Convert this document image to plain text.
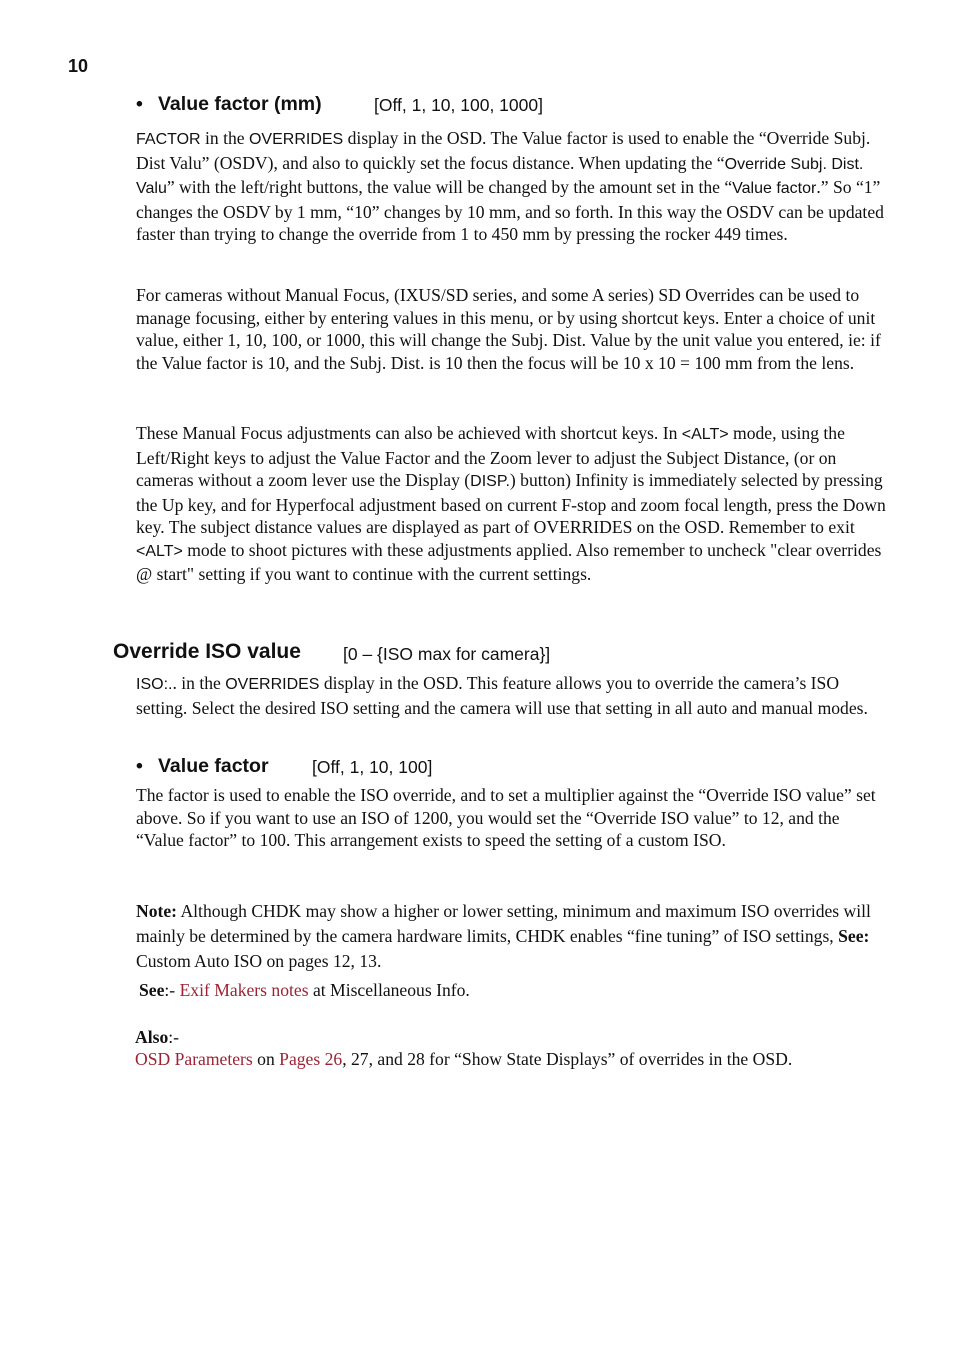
10
• Value factor (mm)	[Off, 1, 10, 100, 1000]
FACTOR in the OVERRIDES display in the OSD. The Value factor is used to enable the “Override Subj. Dist Valu” (OSDV), and also to quickly set the focus distance. When updating the “Override Subj. Dist. Valu” with the left/right buttons, the value will be changed by the amount set in the “Value factor.” So “1” changes the OSDV by 1 mm, “10” changes by 10 mm, and so forth. In this way the OSDV can be updated faster than trying to change the override from 1 to 450 mm by pressing the rocker 449 times.
For cameras without Manual Focus, (IXUS/SD series, and some A series) SD Overrides can be used to manage focusing, either by entering values in this menu, or by using shortcut keys. Enter a choice of unit value, either 1, 10, 100, or 1000, this will change the Subj. Dist. Value by the unit value you entered, ie: if the Value factor is 10, and the Subj. Dist. is 10 then the focus will be 10 x 10 = 100 mm from the lens.
These Manual Focus adjustments can also be achieved with shortcut keys. In <ALT> mode, using the Left/Right keys to adjust the Value Factor and the Zoom lever to adjust the Subject Distance, (or on cameras without a zoom lever use the Display (DISP.) button) Infinity is immediately selected by pressing the Up key, and for Hyperfocal adjustment based on current F-stop and zoom focal length, press the Down key. The subject distance values are displayed as part of OVERRIDES on the OSD. Remember to exit <ALT> mode to shoot pictures with these adjustments applied. Also remember to uncheck "clear overrides @ start" setting if you want to continue with the current settings.
Override ISO value [0 – {ISO max for camera}]
ISO:.. in the OVERRIDES display in the OSD. This feature allows you to override the camera’s ISO setting. Select the desired ISO setting and the camera will use that setting in all auto and manual modes.
• Value factor [Off, 1, 10, 100]
The factor is used to enable the ISO override, and to set a multiplier against the “Override ISO value” set above. So if you want to use an ISO of 1200, you would set the “Override ISO value” to 12, and the “Value factor” to 100. This arrangement exists to speed the setting of a custom ISO.
Note: Although CHDK may show a higher or lower setting, minimum and maximum ISO overrides will mainly be determined by the camera hardware limits, CHDK enables “fine tuning” of ISO settings, See: Custom Auto ISO on pages 12, 13.
See:- Exif Makers notes at Miscellaneous Info.
Also:-
OSD Parameters on Pages 26, 27, and 28 for “Show State Displays” of overrides in the OSD.
